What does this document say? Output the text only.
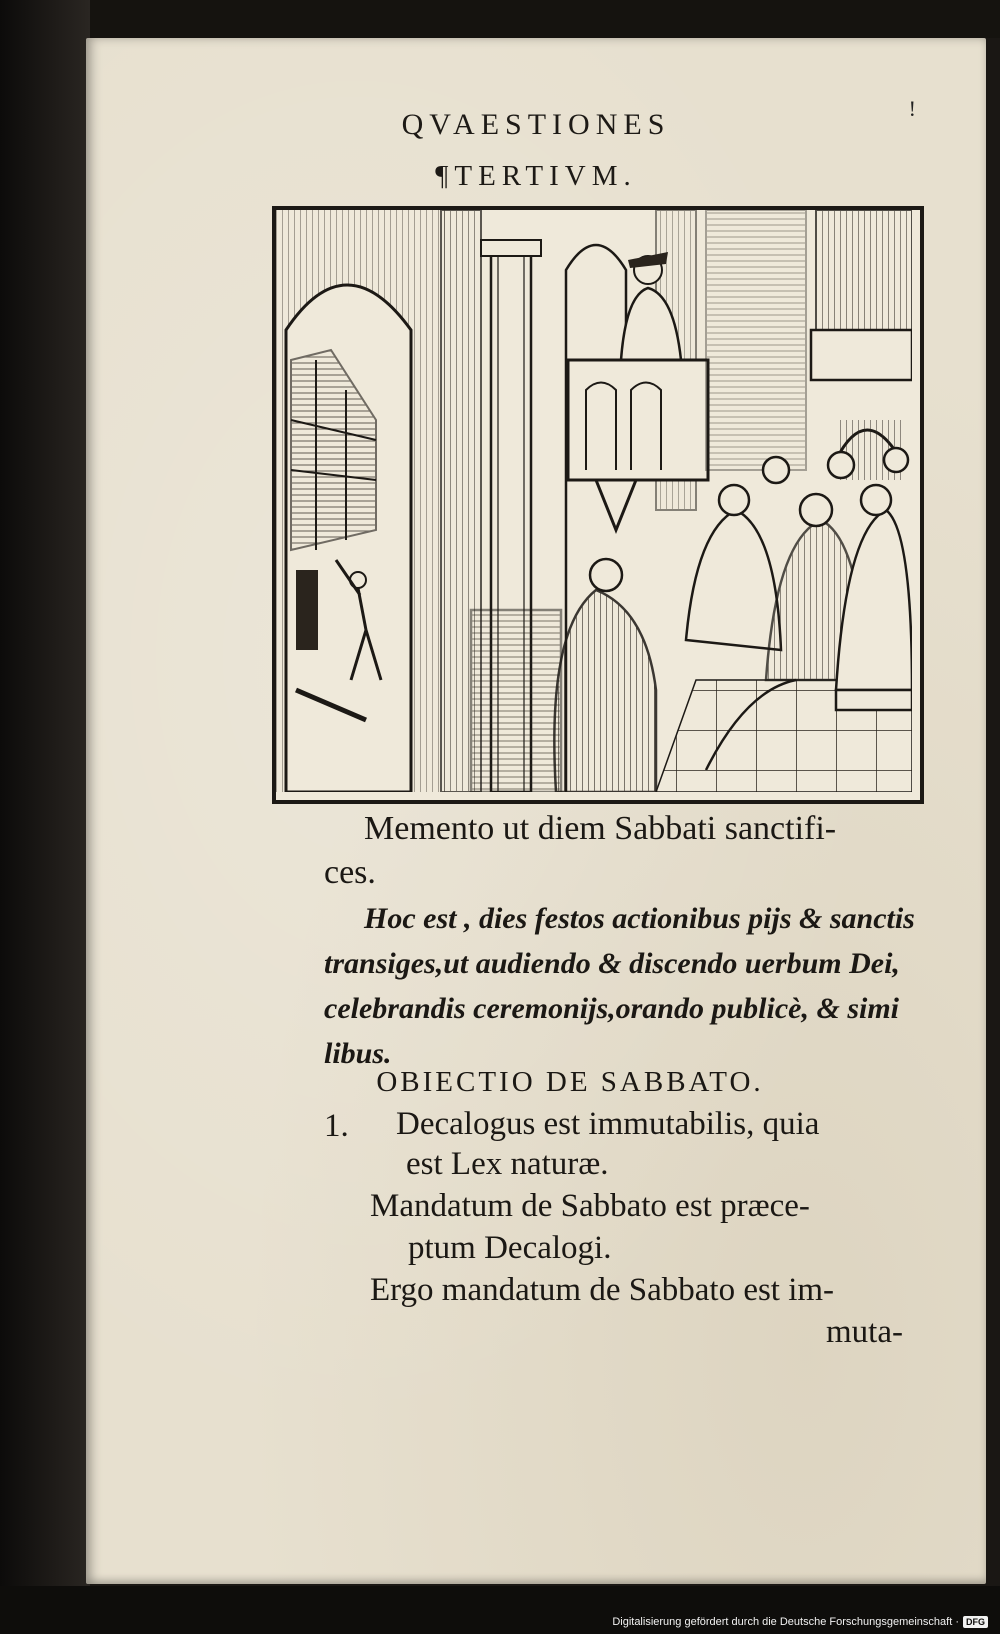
!
QVAESTIONES
¶TERTIVM.
Memento ut diem Sabbati sanctifi-
ces.
Hoc est , dies festos actionibus pijs & sanctis
transiges,ut audiendo & discendo uerbum Dei,
celebrandis ceremonijs,orando publicè, & simi
libus.
OBIECTIO DE SABBATO.
1. Decalogus est immutabilis, quia
est Lex naturæ.
Mandatum de Sabbato est præce-
ptum Decalogi.
Ergo mandatum de Sabbato est im-
muta-
Digitalisierung gefördert durch die Deutsche Forschungsgemeinschaft · DFG
